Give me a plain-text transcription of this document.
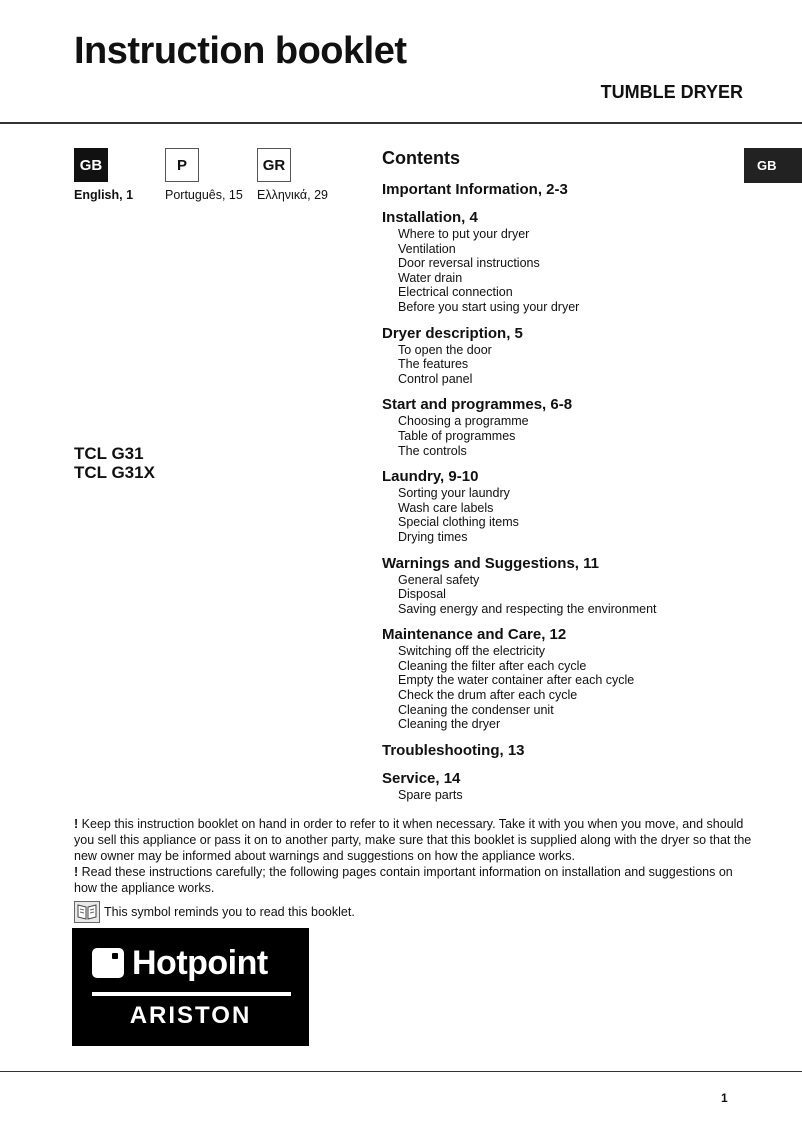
Instruction booklet
TUMBLE DRYER
GB
English, 1
P
Português, 15
GR
Ελληνικά, 29
GB
TCL G31
TCL G31X
Contents
Important Information, 2-3
Installation, 4
Where to put your dryer
Ventilation
Door reversal instructions
Water drain
Electrical connection
Before you start using your dryer
Dryer description, 5
To open the door
The features
Control panel
Start and programmes, 6-8
Choosing a programme
Table of programmes
The controls
Laundry, 9-10
Sorting your laundry
Wash care labels
Special clothing items
Drying times
Warnings and Suggestions, 11
General safety
Disposal
Saving energy and respecting the environment
Maintenance and Care, 12
Switching off the electricity
Cleaning the filter after each cycle
Empty the water container after each cycle
Check the drum after each cycle
Cleaning the condenser unit
Cleaning the dryer
Troubleshooting, 13
Service, 14
Spare parts

! Keep this instruction booklet on hand in order to refer to it when necessary. Take it with you when you move, and should you sell this appliance or pass it on to another party, make sure that this booklet is supplied along with the dryer so that the new owner may be informed about warnings and suggestions on how the appliance works.

! Read these instructions carefully; the following pages contain important information on installation and suggestions on how the appliance works.

This symbol reminds you to read this booklet.
Hotpoint
ARISTON
1
